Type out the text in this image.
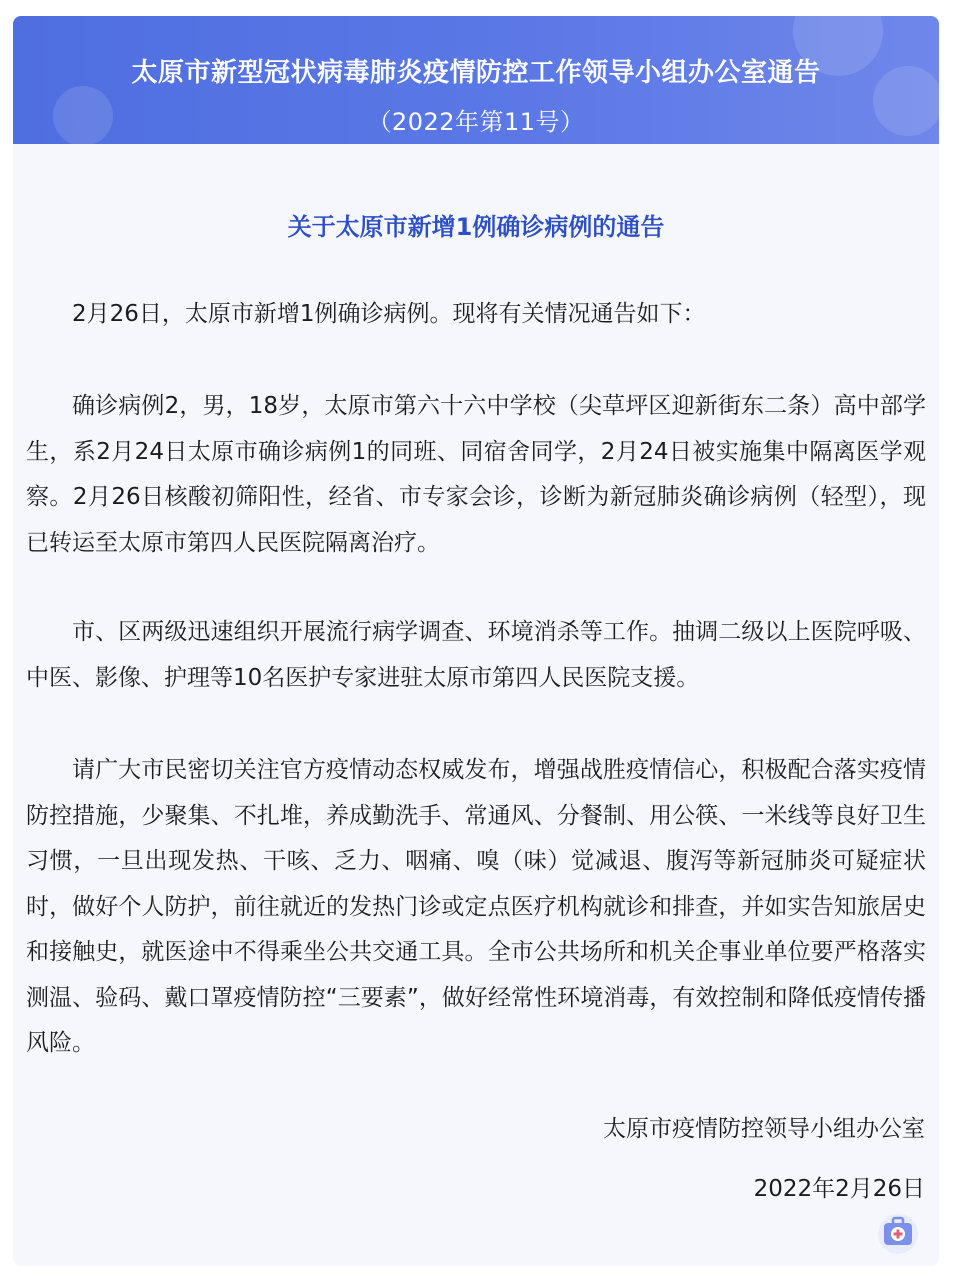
太原市新型冠状病毒肺炎疫情防控工作领导小组办公室通告
（2022年第11号）
关于太原市新增1例确诊病例的通告

2月26日，太原市新增1例确诊病例。现将有关情况通告如下：

确诊病例2，男，18岁，太原市第六十六中学校（尖草坪区迎新街东二条）高中部学生，系2月24日太原市确诊病例1的同班、同宿舍同学，2月24日被实施集中隔离医学观察。2月26日核酸初筛阳性，经省、市专家会诊，诊断为新冠肺炎确诊病例（轻型），现已转运至太原市第四人民医院隔离治疗。

市、区两级迅速组织开展流行病学调查、环境消杀等工作。抽调二级以上医院呼吸、中医、影像、护理等10名医护专家进驻太原市第四人民医院支援。

请广大市民密切关注官方疫情动态权威发布，增强战胜疫情信心，积极配合落实疫情防控措施，少聚集、不扎堆，养成勤洗手、常通风、分餐制、用公筷、一米线等良好卫生习惯，一旦出现发热、干咳、乏力、咽痛、嗅（味）觉减退、腹泻等新冠肺炎可疑症状时，做好个人防护，前往就近的发热门诊或定点医疗机构就诊和排查，并如实告知旅居史和接触史，就医途中不得乘坐公共交通工具。全市公共场所和机关企事业单位要严格落实测温、验码、戴口罩疫情防控“三要素”，做好经常性环境消毒，有效控制和降低疫情传播风险。

太原市疫情防控领导小组办公室
2022年2月26日
